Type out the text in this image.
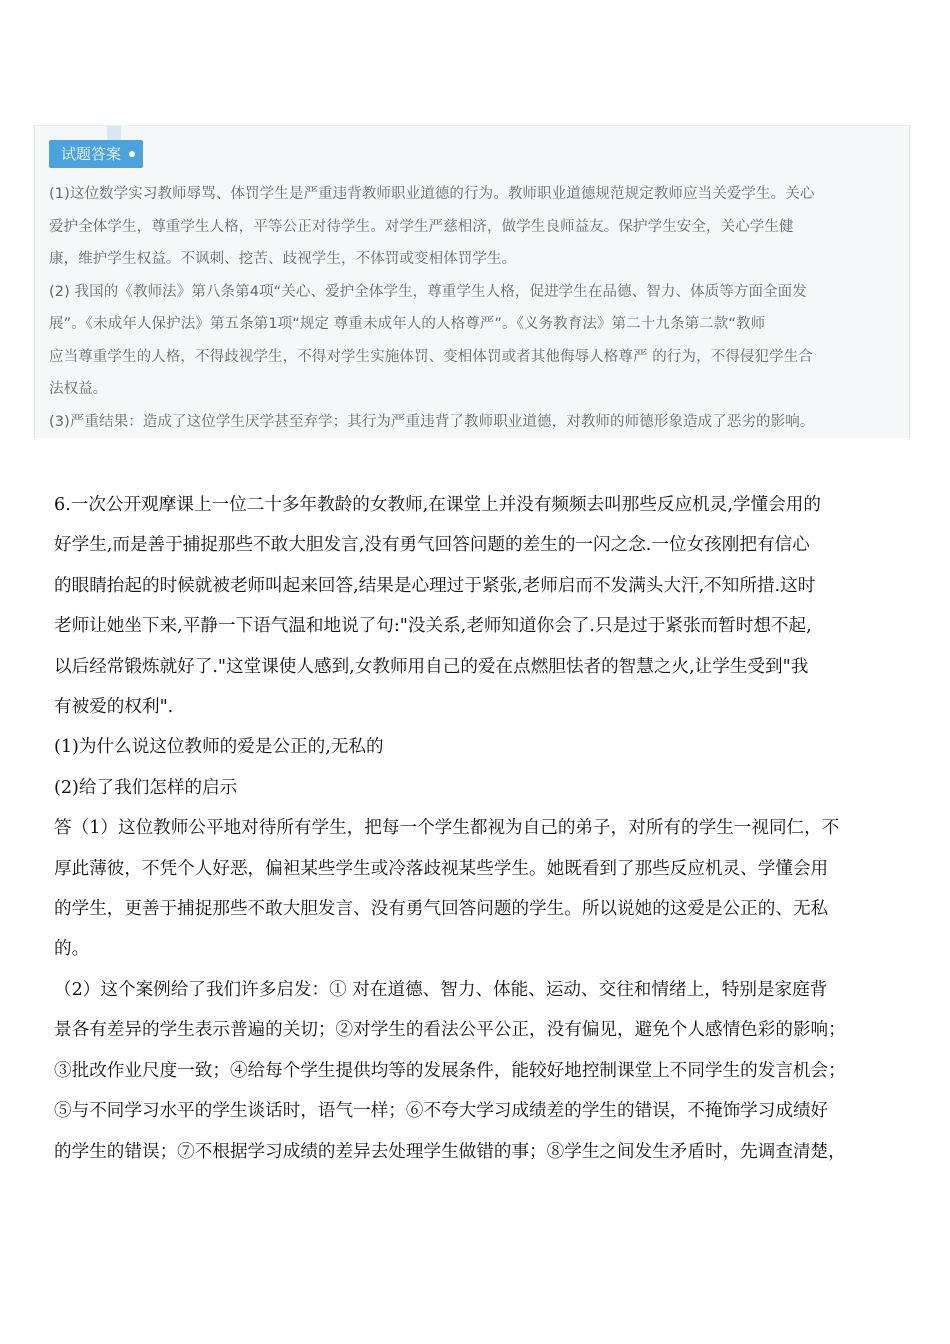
试题答案
(1)这位数学实习教师辱骂、体罚学生是严重违背教师职业道德的行为。教师职业道德规范规定教师应当关爱学生。关心
爱护全体学生，尊重学生人格，平等公正对待学生。对学生严慈相济，做学生良师益友。保护学生安全，关心学生健
康，维护学生权益。不讽刺、挖苦、歧视学生，不体罚或变相体罚学生。
(2) 我国的《教师法》第八条第4项“关心、爱护全体学生，尊重学生人格，促进学生在品德、智力、体质等方面全面发
展”。《未成年人保护法》第五条第1项“规定 尊重未成年人的人格尊严”。《义务教育法》第二十九条第二款“教师
应当尊重学生的人格，不得歧视学生，不得对学生实施体罚、变相体罚或者其他侮辱人格尊严 的行为，不得侵犯学生合
法权益。
(3)严重结果：造成了这位学生厌学甚至弃学；其行为严重违背了教师职业道德，对教师的师德形象造成了恶劣的影响。
6.一次公开观摩课上一位二十多年教龄的女教师,在课堂上并没有频频去叫那些反应机灵,学懂会用的
好学生,而是善于捕捉那些不敢大胆发言,没有勇气回答问题的差生的一闪之念.一位女孩刚把有信心
的眼睛抬起的时候就被老师叫起来回答,结果是心理过于紧张,老师启而不发满头大汗,不知所措.这时
老师让她坐下来,平静一下语气温和地说了句:"没关系,老师知道你会了.只是过于紧张而暂时想不起,
以后经常锻炼就好了."这堂课使人感到,女教师用自己的爱在点燃胆怯者的智慧之火,让学生受到"我
有被爱的权利".
(1)为什么说这位教师的爱是公正的,无私的
(2)给了我们怎样的启示
答（1）这位教师公平地对待所有学生，把每一个学生都视为自己的弟子，对所有的学生一视同仁，不
厚此薄彼，不凭个人好恶，偏袒某些学生或冷落歧视某些学生。她既看到了那些反应机灵、学懂会用
的学生，更善于捕捉那些不敢大胆发言、没有勇气回答问题的学生。所以说她的这爱是公正的、无私
的。
（2）这个案例给了我们许多启发：① 对在道德、智力、体能、运动、交往和情绪上，特别是家庭背
景各有差异的学生表示普遍的关切；②对学生的看法公平公正，没有偏见，避免个人感情色彩的影响；
③批改作业尺度一致；④给每个学生提供均等的发展条件，能较好地控制课堂上不同学生的发言机会；
⑤与不同学习水平的学生谈话时，语气一样；⑥不夸大学习成绩差的学生的错误，不掩饰学习成绩好
的学生的错误；⑦不根据学习成绩的差异去处理学生做错的事；⑧学生之间发生矛盾时，先调查清楚，
